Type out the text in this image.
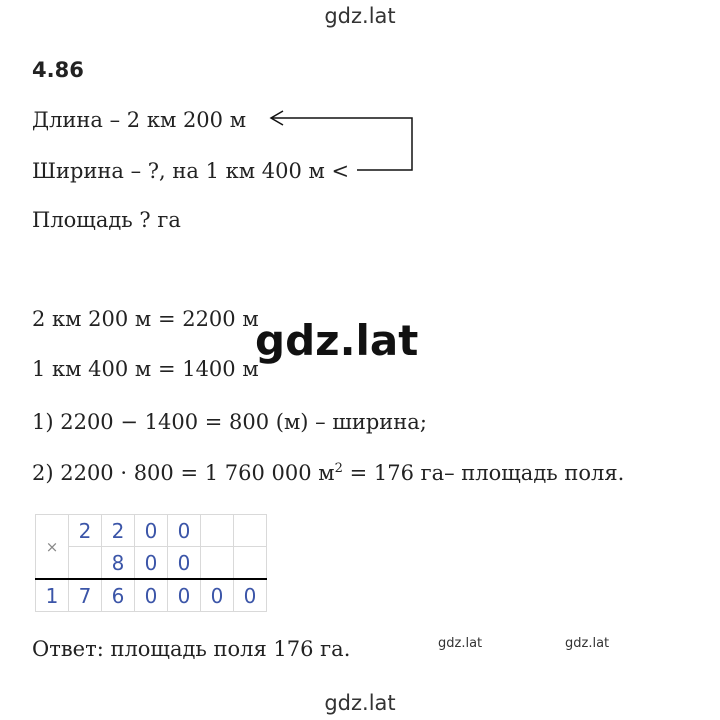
gdz.lat
4.86
Длина – 2 км 200 м
Ширина – ?, на 1 км 400 м <
Площадь ? га
2 км 200 м = 2200 м
1 км 400 м = 1400 м
gdz.lat
1) 2200 − 1400 = 800 (м) – ширина;
2) 2200 · 800 = 1 760 000 $м^2 = 176$ га– площадь поля.
×	2	2	0	0		
		8	0	0		
1	7	6	0	0	0	0
Ответ: площадь поля 176 га.	gdz.lat	gdz.lat
gdz.lat
